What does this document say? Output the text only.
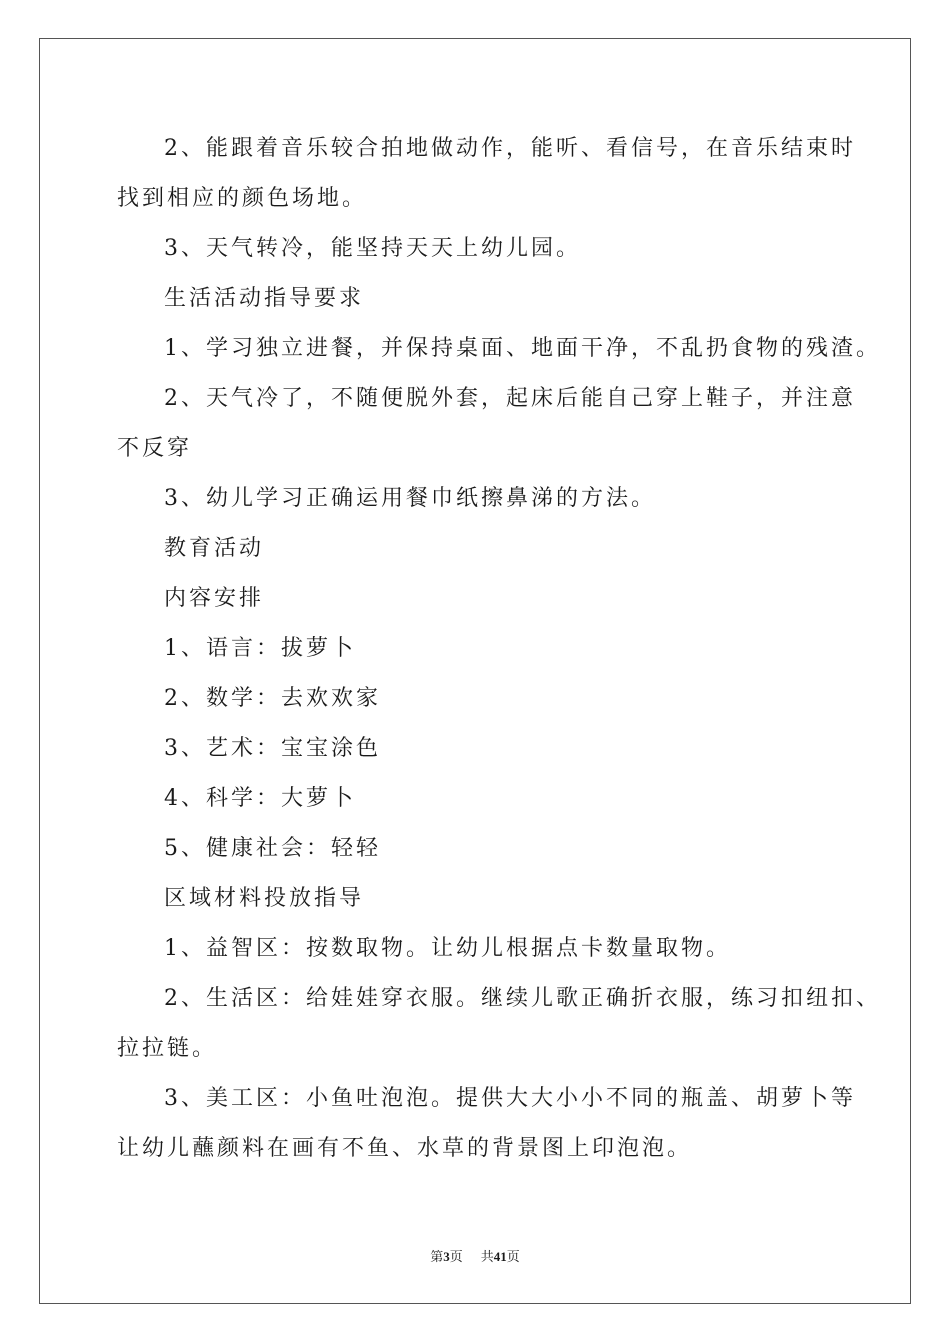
2、能跟着音乐较合拍地做动作，能听、看信号，在音乐结束时
找到相应的颜色场地。
3、天气转冷，能坚持天天上幼儿园。
生活活动指导要求
1、学习独立进餐，并保持桌面、地面干净，不乱扔食物的残渣。
2、天气冷了，不随便脱外套，起床后能自己穿上鞋子，并注意
不反穿
3、幼儿学习正确运用餐巾纸擦鼻涕的方法。
教育活动
内容安排
1、语言：拔萝卜
2、数学：去欢欢家
3、艺术：宝宝涂色
4、科学：大萝卜
5、健康社会：轻轻
区域材料投放指导
1、益智区：按数取物。让幼儿根据点卡数量取物。
2、生活区：给娃娃穿衣服。继续儿歌正确折衣服，练习扣纽扣、
拉拉链。
3、美工区：小鱼吐泡泡。提供大大小小不同的瓶盖、胡萝卜等
让幼儿蘸颜料在画有不鱼、水草的背景图上印泡泡。
第3页 共41页
